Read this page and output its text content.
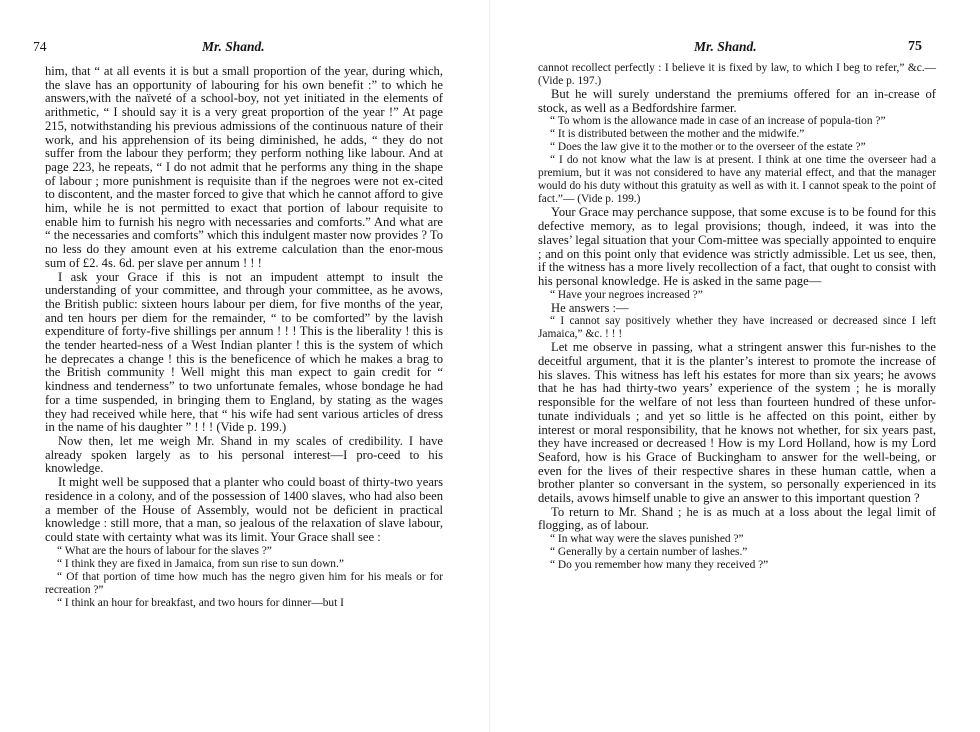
74	Mr. Shand.

him, that “ at all events it is but a small proportion of the year, during which, the slave has an opportunity of labouring for his own benefit :” to which he answers,with the naïveté of a school-boy, not yet initiated in the elements of arithmetic, “ I should say it is a very great proportion of the year !” At page 215, notwithstanding his previous admissions of the continuous nature of their work, and his apprehension of its being diminished, he adds, “ they do not suffer from the labour they perform; they perform nothing like labour. And at page 223, he repeats, “ I do not admit that he performs any thing in the shape of labour ; more punishment is requisite than if the negroes were not ex-cited to discontent, and the master forced to give that which he cannot afford to give him, while he is not permitted to exact that portion of labour requisite to enable him to furnish his negro with necessaries and comforts.” And what are “ the necessaries and comforts” which this indulgent master now provides ? To no less do they amount even at his extreme calculation than the enor-mous sum of £2. 4s. 6d. per slave per annum ! ! !

I ask your Grace if this is not an impudent attempt to insult the understanding of your committee, and through your committee, as he avows, the British public: sixteen hours labour per diem, for five months of the year, and ten hours per diem for the remainder, “ to be comforted” by the lavish expenditure of forty-five shillings per annum ! ! ! This is the liberality ! this is the tender hearted-ness of a West Indian planter ! this is the system of which he deprecates a change ! this is the beneficence of which he makes a brag to the British community ! Well might this man expect to gain credit for “ kindness and tenderness” to two unfortunate females, whose bondage he had for a time suspended, in bringing them to England, by stating as the wages they had received while here, that “ his wife had sent various articles of dress in the name of his daughter ” ! ! ! (Vide p. 199.)

Now then, let me weigh Mr. Shand in my scales of credibility. I have already spoken largely as to his personal interest—I pro-ceed to his knowledge.

It might well be supposed that a planter who could boast of thirty-two years residence in a colony, and of the possession of 1400 slaves, who had also been a member of the House of Assembly, would not be deficient in practical knowledge : still more, that a man, so jealous of the relaxation of slave labour, could state with certainty what was its limit. Your Grace shall see :

“ What are the hours of labour for the slaves ?”

“ I think they are fixed in Jamaica, from sun rise to sun down.”

“ Of that portion of time how much has the negro given him for his meals or for recreation ?”

“ I think an hour for breakfast, and two hours for dinner—but I

Mr. Shand.	75

cannot recollect perfectly : I believe it is fixed by law, to which I beg to refer,” &c.—(Vide p. 197.)

But he will surely understand the premiums offered for an in-crease of stock, as well as a Bedfordshire farmer.

“ To whom is the allowance made in case of an increase of popula-tion ?”

“ It is distributed between the mother and the midwife.”

“ Does the law give it to the mother or to the overseer of the estate ?”

“ I do not know what the law is at present. I think at one time the overseer had a premium, but it was not considered to have any material effect, and that the manager would do his duty without this gratuity as well as with it. I cannot speak to the point of fact.”— (Vide p. 199.)

Your Grace may perchance suppose, that some excuse is to be found for this defective memory, as to legal provisions; though, indeed, it was into the slaves’ legal situation that your Com-mittee was specially appointed to enquire ; and on this point only that evidence was strictly admissible. Let us see, then, if the witness has a more lively recollection of a fact, that ought to consist with his personal knowledge. He is asked in the same page—

“ Have your negroes increased ?”

He answers :—

“ I cannot say positively whether they have increased or decreased since I left Jamaica,” &c. ! ! !

Let me observe in passing, what a stringent answer this fur-nishes to the deceitful argument, that it is the planter’s interest to promote the increase of his slaves. This witness has left his estates for more than six years; he avows that he has had thirty-two years’ experience of the system ; he is morally responsible for the welfare of not less than fourteen hundred of these unfor-tunate individuals ; and yet so little is he affected on this point, either by interest or moral responsibility, that he knows not whether, for six years past, they have increased or decreased ! How is my Lord Holland, how is my Lord Seaford, how is his Grace of Buckingham to answer for the well-being, or even for the lives of their respective shares in these human cattle, when a brother planter so conversant in the system, so personally experienced in its details, avows himself unable to give an answer to this important question ?

To return to Mr. Shand ; he is as much at a loss about the legal limit of flogging, as of labour.

“ In what way were the slaves punished ?”

“ Generally by a certain number of lashes.”

“ Do you remember how many they received ?”
